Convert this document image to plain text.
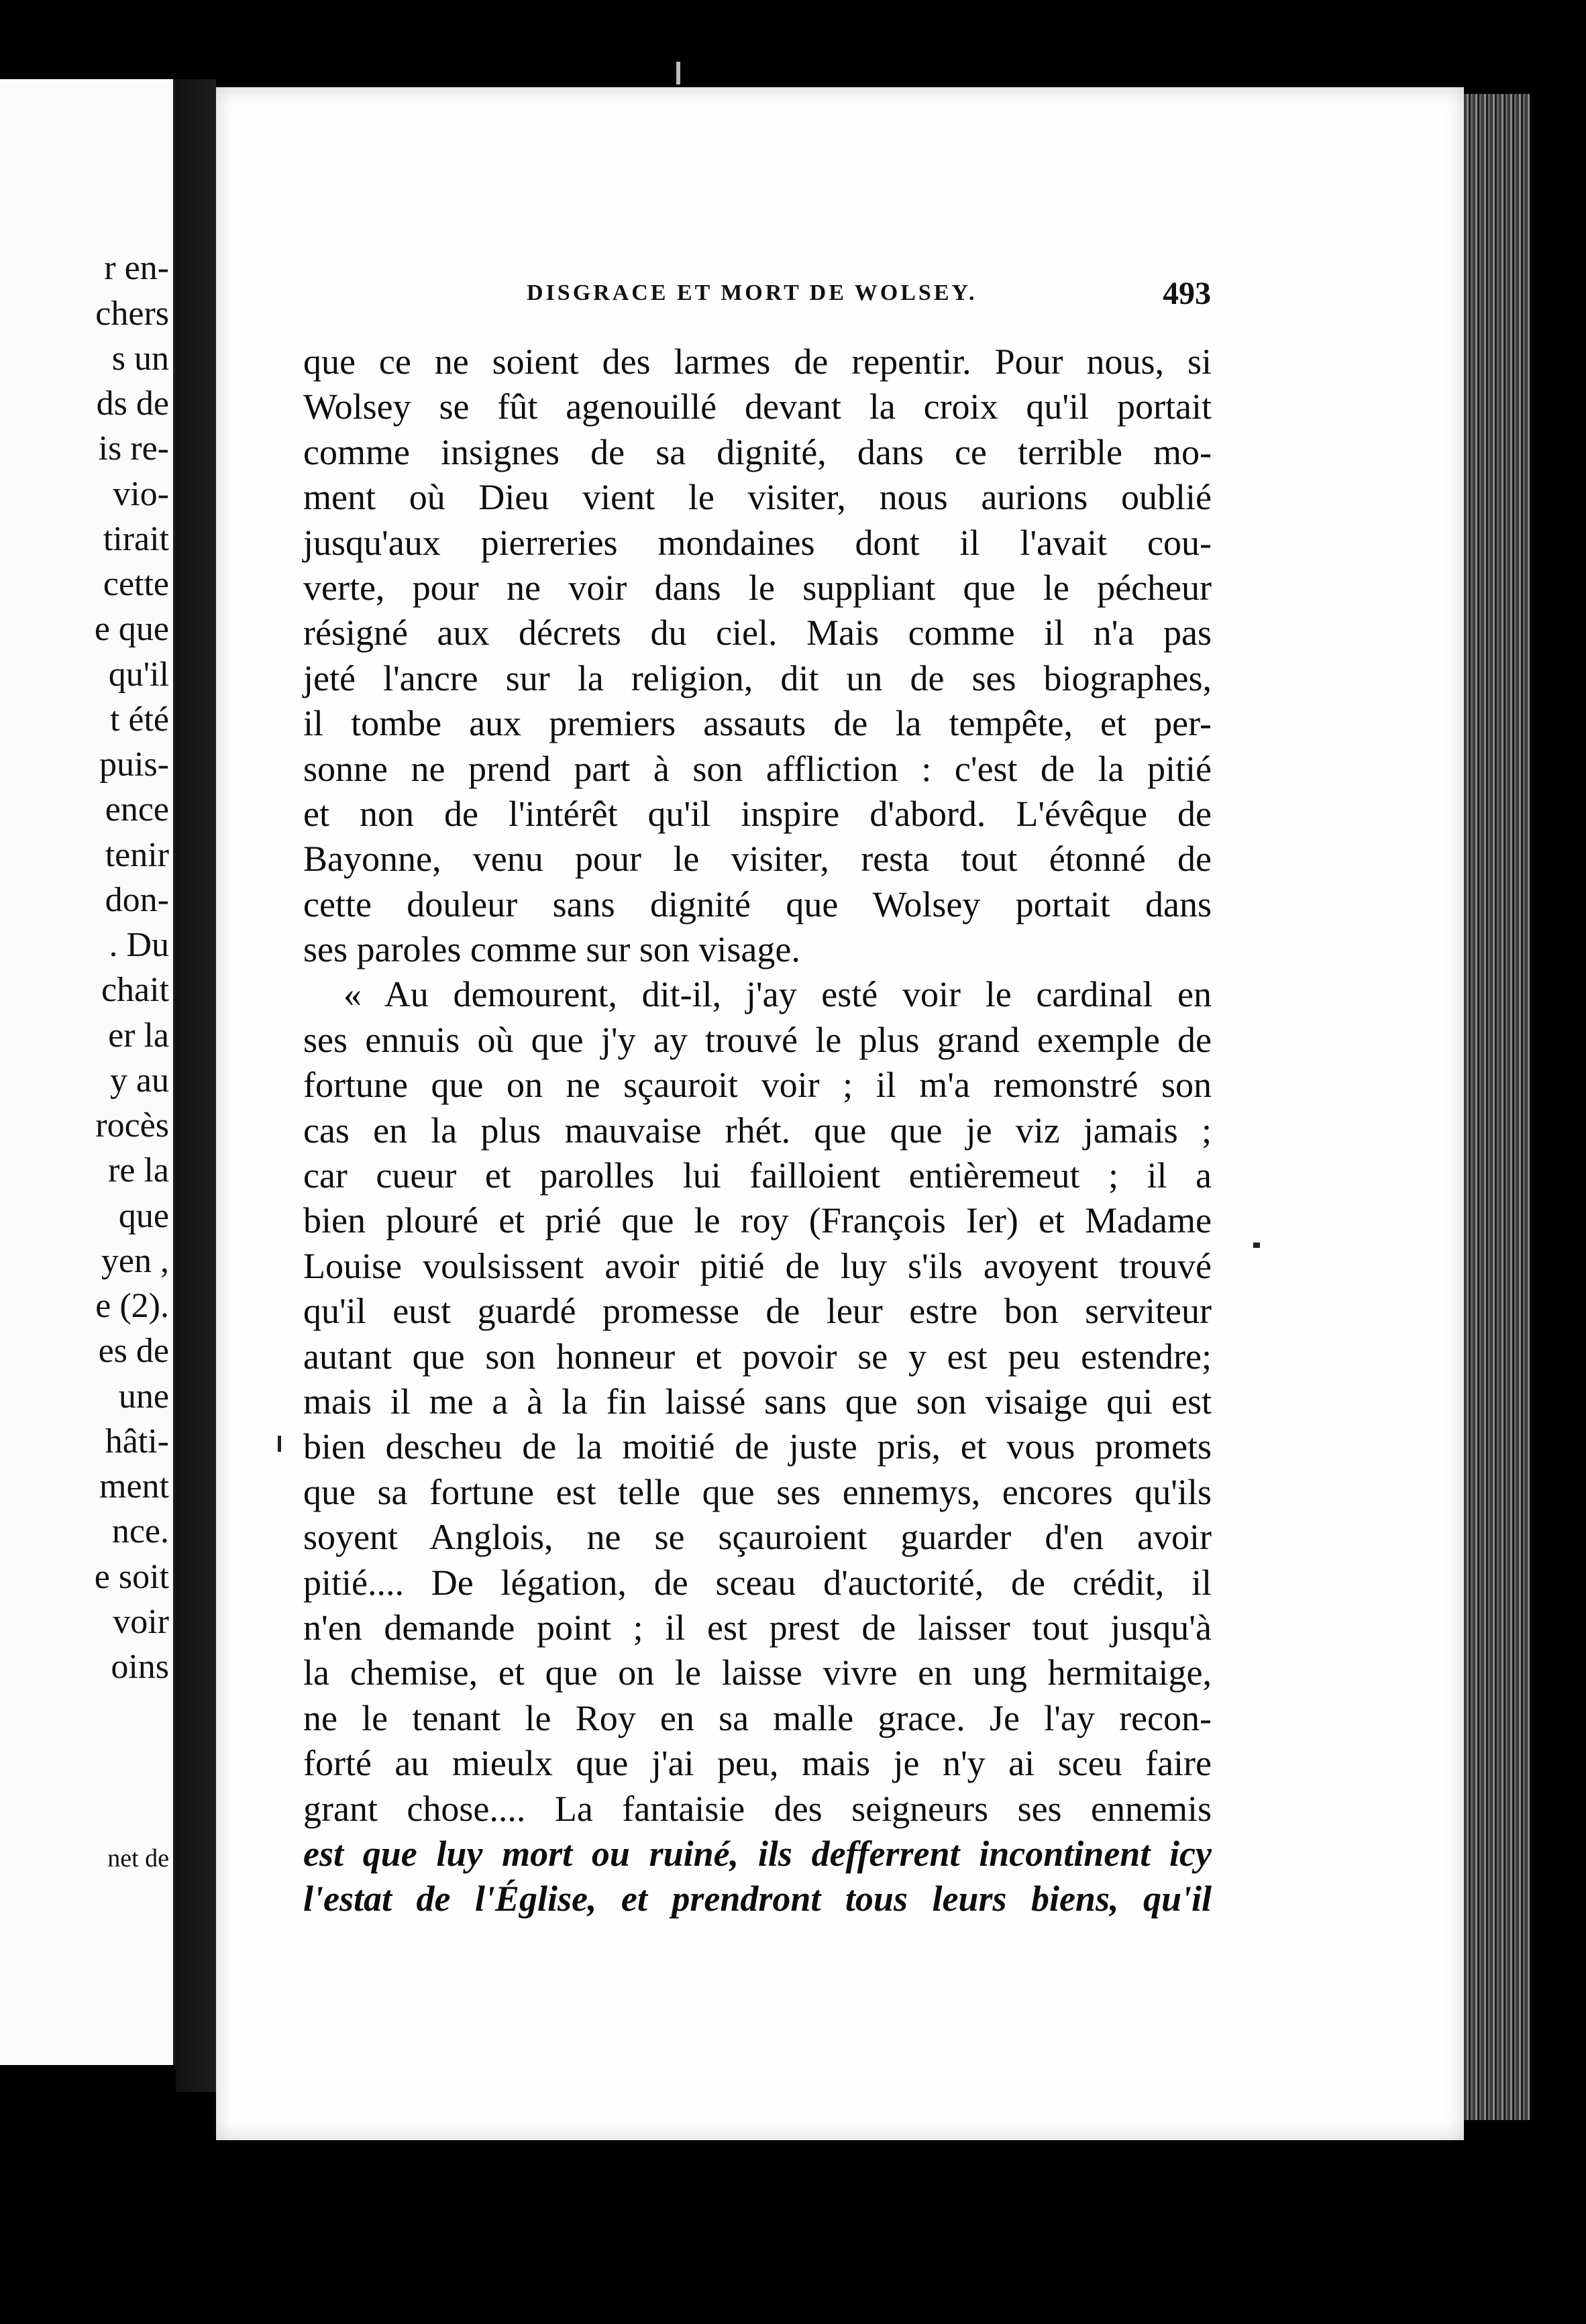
r en-
chers
s un
ds de
is re-
vio-
tirait
cette
e que
qu'il
t été
puis-
ence
tenir
don-
. Du
chait
er la
y au
rocès
re la
que
yen ,
e (2).
es de
une
hâti-
ment
nce.
e soit
voir
oins
net de
DISGRACE ET MORT DE WOLSEY.	493
que ce ne soient des larmes de repentir. Pour nous, si
Wolsey se fût agenouillé devant la croix qu'il portait
comme insignes de sa dignité, dans ce terrible mo-
ment où Dieu vient le visiter, nous aurions oublié
jusqu'aux pierreries mondaines dont il l'avait cou-
verte, pour ne voir dans le suppliant que le pécheur
résigné aux décrets du ciel. Mais comme il n'a pas
jeté l'ancre sur la religion, dit un de ses biographes,
il tombe aux premiers assauts de la tempête, et per-
sonne ne prend part à son affliction : c'est de la pitié
et non de l'intérêt qu'il inspire d'abord. L'évêque de
Bayonne, venu pour le visiter, resta tout étonné de
cette douleur sans dignité que Wolsey portait dans
ses paroles comme sur son visage.
« Au demourent, dit-il, j'ay esté voir le cardinal en
ses ennuis où que j'y ay trouvé le plus grand exemple de
fortune que on ne sçauroit voir ; il m'a remonstré son
cas en la plus mauvaise rhét. que que je viz jamais ;
car cueur et parolles lui failloient entièremeut ; il a
bien plouré et prié que le roy (François Ier) et Madame
Louise voulsissent avoir pitié de luy s'ils avoyent trouvé
qu'il eust guardé promesse de leur estre bon serviteur
autant que son honneur et povoir se y est peu estendre;
mais il me a à la fin laissé sans que son visaige qui est
bien descheu de la moitié de juste pris, et vous promets
que sa fortune est telle que ses ennemys, encores qu'ils
soyent Anglois, ne se sçauroient guarder d'en avoir
pitié.... De légation, de sceau d'auctorité, de crédit, il
n'en demande point ; il est prest de laisser tout jusqu'à
la chemise, et que on le laisse vivre en ung hermitaige,
ne le tenant le Roy en sa malle grace. Je l'ay recon-
forté au mieulx que j'ai peu, mais je n'y ai sceu faire
grant chose.... La fantaisie des seigneurs ses ennemis
est que luy mort ou ruiné, ils defferrent incontinent icy
l'estat de l'Église, et prendront tous leurs biens, qu'il
